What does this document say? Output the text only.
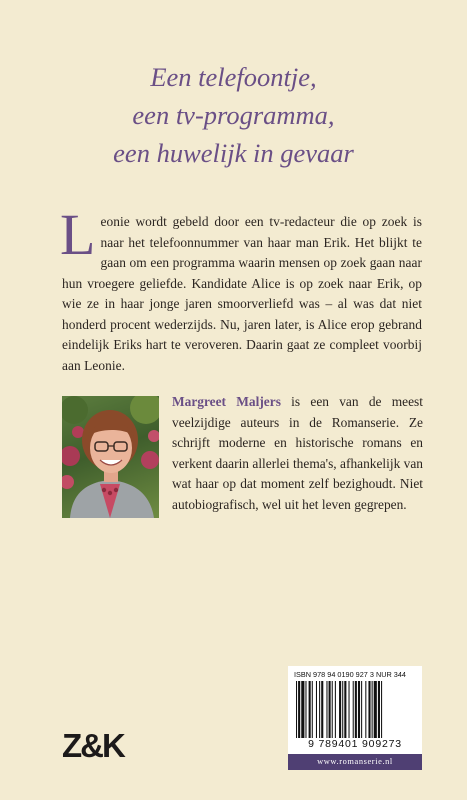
Een telefoontje,
een tv-programma,
een huwelijk in gevaar
L eonie wordt gebeld door een tv-redacteur die op zoek is naar het telefoonnummer van haar man Erik. Het blijkt te gaan om een programma waarin mensen op zoek gaan naar hun vroegere geliefde. Kandidate Alice is op zoek naar Erik, op wie ze in haar jonge jaren smoorverliefd was – al was dat niet honderd procent wederzijds. Nu, jaren later, is Alice erop gebrand eindelijk Eriks hart te veroveren. Daarin gaat ze compleet voorbij aan Leonie.
Margreet Maljers is een van de meest veelzijdige auteurs in de Romanserie. Ze schrijft moderne en historische romans en verkent daarin allerlei thema's, afhankelijk van wat haar op dat moment zelf bezighoudt. Niet autobiografisch, wel uit het leven gegrepen.
ISBN 978 94 0190 927 3 NUR 344
9 789401 909273
www.romanserie.nl
Z&K
